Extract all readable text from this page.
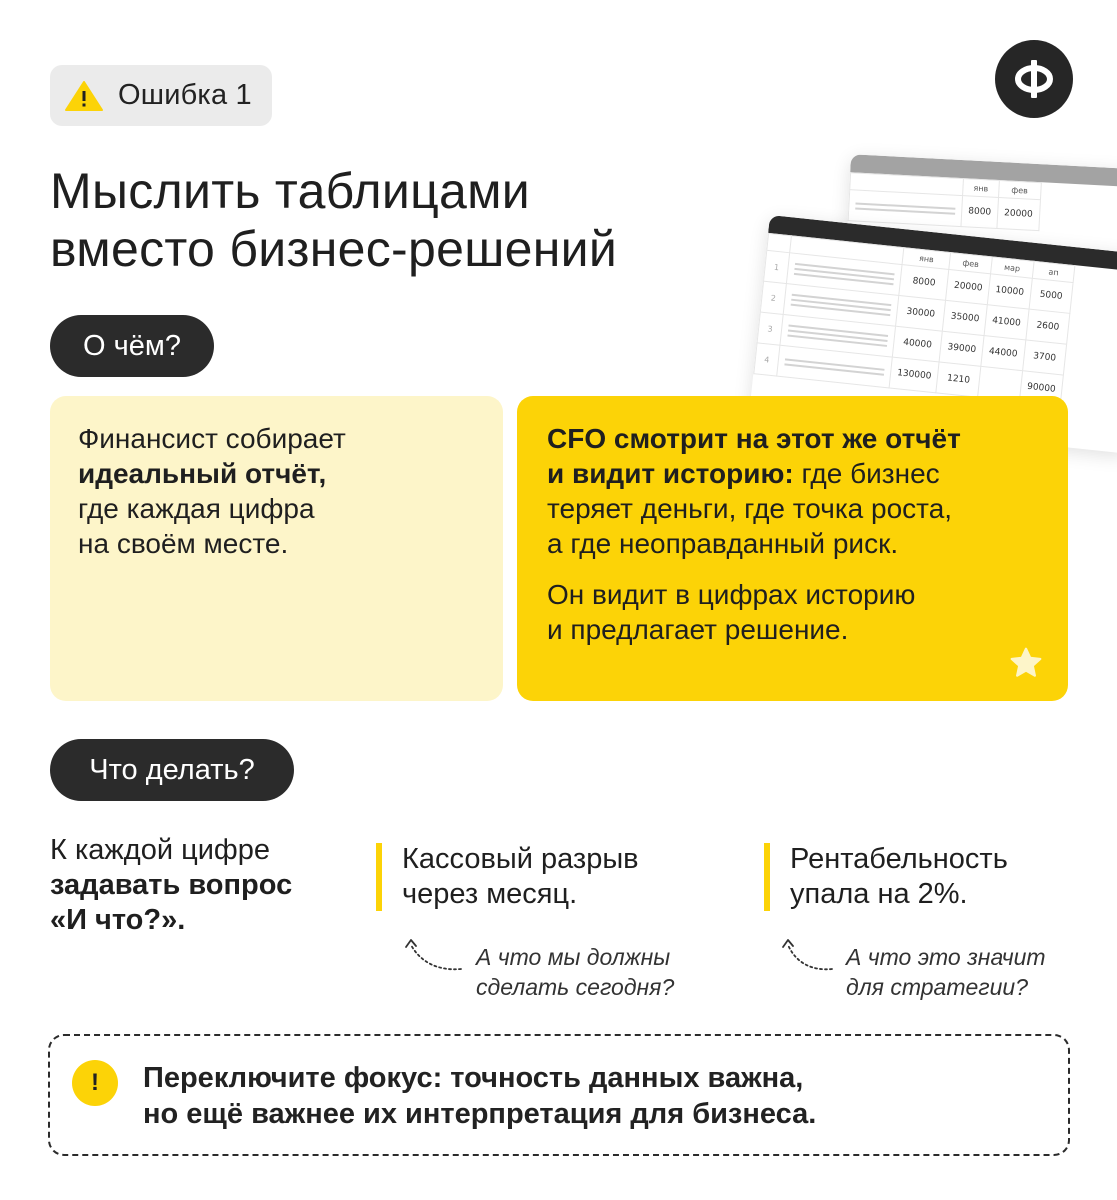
Ошибка 1
Мыслить таблицами
вместо бизнес-решений
	янв	фев

	8000	20000
		янв	фев	мар	ап
1		8000	20000	10000	5000
2		30000	35000	41000	2600
3		40000	39000	44000	3700
4		130000	1210		90000
О чём?

Финансист собирает
идеальный отчёт,
где каждая цифра
на своём месте.

CFO смотрит на этот же отчёт
и видит историю: где бизнес
теряет деньги, где точка роста,
а где неоправданный риск.

Он видит в цифрах историю
и предлагает решение.

Что делать?
К каждой цифре
задавать вопрос
«И что?».
Кассовый разрыв
через месяц.
А что мы должны
сделать сегодня?
Рентабельность
упала на 2%.
А что это значит
для стратегии?
!	Переключите фокус: точность данных важна,
но ещё важнее их интерпретация для бизнеса.
